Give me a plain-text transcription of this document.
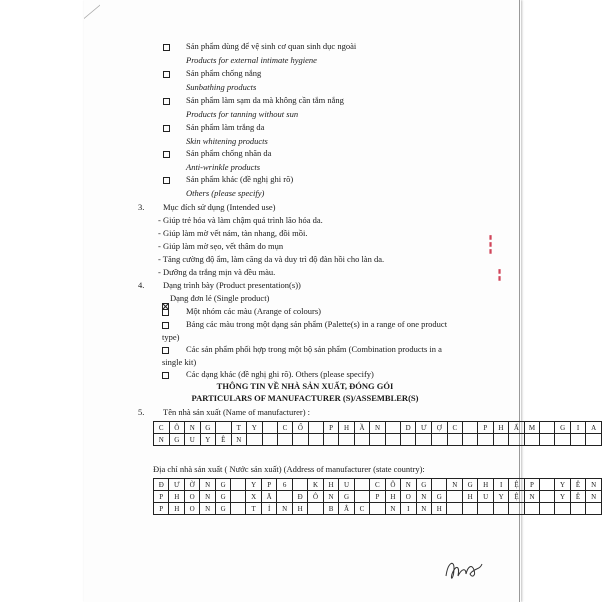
Sản phẩm dùng để vệ sinh cơ quan sinh dục ngoài
Products for external intimate hygiene
Sản phẩm chống nắng
Sunbathing products
Sản phẩm làm sạm da mà không cần tắm nắng
Products for tanning without sun
Sản phẩm làm trắng da
Skin whitening products
Sản phẩm chống nhăn da
Anti-wrinkle products
Sản phẩm khác (đề nghị ghi rõ)
Others (please specify)
3. Mục đích sử dụng (Intended use)
- Giúp trẻ hóa và làm chậm quá trình lão hóa da.
- Giúp làm mờ vết nám, tàn nhang, đồi mồi.
- Giúp làm mờ sẹo, vết thâm do mụn
- Tăng cường độ ẩm, làm căng da và duy trì độ đàn hồi cho làn da.
- Dưỡng da trắng mịn và đều màu.
4. Dạng trình bày (Product presentation(s))
Dạng đơn lẻ (Single product)
Một nhóm các màu (Arange of colours)
Bảng các màu trong một dạng sản phẩm (Palette(s) in a range of one product
type)
Các sản phẩm phối hợp trong một bộ sản phẩm (Combination products in a
single kit)
Các dạng khác (đề nghị ghi rõ). Others (please specify)
THÔNG TIN VỀ NHÀ SẢN XUẤT, ĐÓNG GÓI
PARTICULARS OF MANUFACTURER (S)/ASSEMBLER(S)
5. Tên nhà sản xuất (Name of manufacturer) :
C	Ô	N	G		T	Y		C	Ổ		P	H	Ầ	N		D	Ư	Ợ	C		P	H	Ẩ	M		G	I	A
N	G	U	Y	Ê	N																							
Địa chỉ nhà sản xuất ( Nước sản xuất) (Address of manufacturer (state country):
Đ	Ư	Ờ	N	G		Y	P	6		K	H	U		C	Ô	N	G		N	G	H	I	Ệ	P		Y	Ê	N
P	H	O	N	G		X	Ã		Đ	Ô	N	G		P	H	O	N	G		H	U	Y	Ệ	N		Y	Ê	N
P	H	O	N	G		T	Ỉ	N	H		B	Ắ	C		N	I	N	H										
▮▮▮
▮▮
